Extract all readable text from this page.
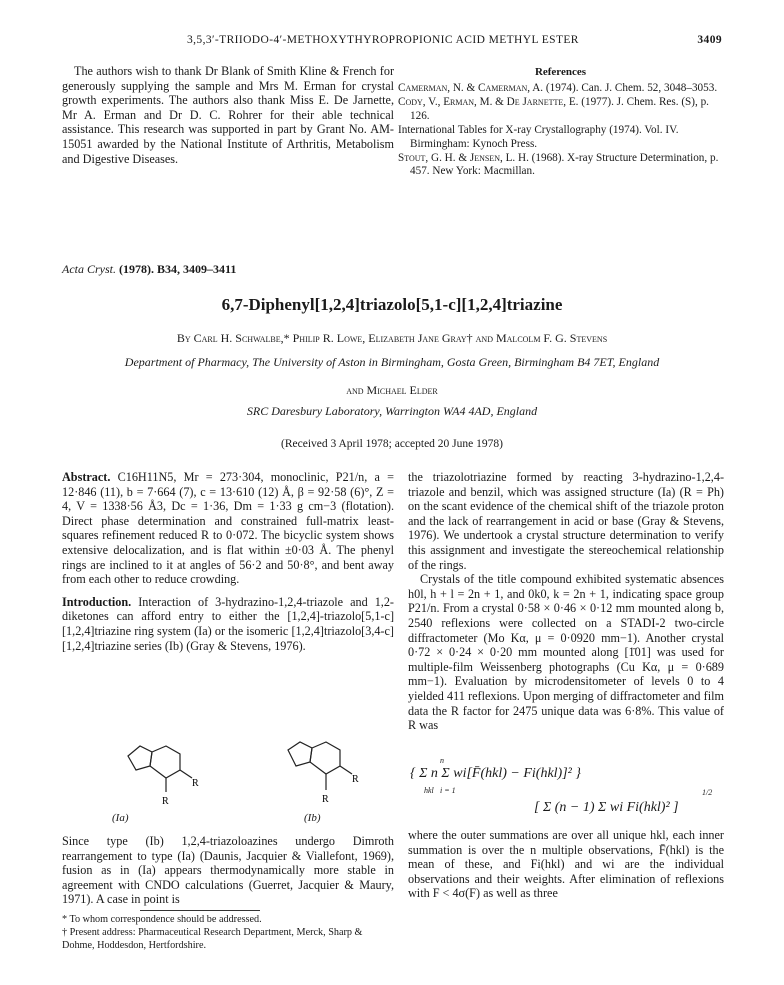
3,5,3′-TRIIODO-4′-METHOXYTHYROPROPIONIC ACID METHYL ESTER	3409

The authors wish to thank Dr Blank of Smith Kline & French for generously supplying the sample and Mrs M. Erman for crystal growth experiments. The authors also thank Miss E. De Jarnette, Mr A. Erman and Dr D. C. Rohrer for their able technical assistance. This research was supported in part by Grant No. AM-15051 awarded by the National Institute of Arthritis, Metabolism and Digestive Diseases.

References
Camerman, N. & Camerman, A. (1974). Can. J. Chem. 52, 3048–3053.
Cody, V., Erman, M. & De Jarnette, E. (1977). J. Chem. Res. (S), p. 126.
International Tables for X-ray Crystallography (1974). Vol. IV. Birmingham: Kynoch Press.
Stout, G. H. & Jensen, L. H. (1968). X-ray Structure Determination, p. 457. New York: Macmillan.
Acta Cryst. (1978). B34, 3409–3411
6,7-Diphenyl[1,2,4]triazolo[5,1-c][1,2,4]triazine
By Carl H. Schwalbe,* Philip R. Lowe, Elizabeth Jane Gray† and Malcolm F. G. Stevens
Department of Pharmacy, The University of Aston in Birmingham, Gosta Green, Birmingham B4 7ET, England
and Michael Elder
SRC Daresbury Laboratory, Warrington WA4 4AD, England
(Received 3 April 1978; accepted 20 June 1978)

Abstract. C16H11N5, Mr = 273·304, monoclinic, P21/n, a = 12·846 (11), b = 7·664 (7), c = 13·610 (12) Å, β = 92·58 (6)°, Z = 4, V = 1338·56 Å3, Dc = 1·36, Dm = 1·33 g cm−3 (flotation). Direct phase determination and constrained full-matrix least-squares refinement reduced R to 0·072. The bicyclic system shows extensive delocalization, and is flat within ±0·03 Å. The phenyl rings are inclined to it at angles of 56·2 and 50·8°, and bent away from each other to reduce crowding.

Introduction. Interaction of 3-hydrazino-1,2,4-triazole and 1,2-diketones can afford entry to either the [1,2,4]-triazolo[5,1-c][1,2,4]triazine ring system (Ia) or the isomeric [1,2,4]triazolo[3,4-c][1,2,4]triazine series (Ib) (Gray & Stevens, 1976).

R
R
R
R
(Ia)	(Ib)

Since type (Ib) 1,2,4-triazoloazines undergo Dimroth rearrangement to type (Ia) (Daunis, Jacquier & Viallefont, 1969), fusion as in (Ia) appears thermodynamically more stable in agreement with CNDO calculations (Guerret, Jacquier & Maury, 1971). A case in point is

* To whom correspondence should be addressed.
† Present address: Pharmaceutical Research Department, Merck, Sharp & Dohme, Hoddesdon, Hertfordshire.

the triazolotriazine formed by reacting 3-hydrazino-1,2,4-triazole and benzil, which was assigned structure (Ia) (R = Ph) on the scant evidence of the chemical shift of the triazole proton and the lack of rearrangement in acid or base (Gray & Stevens, 1976). We undertook a crystal structure determination to verify this assignment and investigate the stereochemical relationship of the rings.

Crystals of the title compound exhibited systematic absences h0l, h + l = 2n + 1, and 0k0, k = 2n + 1, indicating space group P21/n. From a crystal 0·58 × 0·46 × 0·12 mm mounted along b, 2540 reflexions were collected on a STADI-2 two-circle diffractometer (Mo Kα, μ = 0·0920 mm−1). Another crystal 0·72 × 0·24 × 0·20 mm mounted along [1̄01] was used for multiple-film Weissenberg photographs (Cu Kα, μ = 0·689 mm−1). Evaluation by microdensitometer of levels 0 to 4 yielded 411 reflexions. Upon merging of diffractometer and film data the R factor for 2475 unique data was 6·8%. This value of R was

{ Σ n Σ wi[F̄(hkl) − Fi(hkl)]² }
n
hkl i = 1
[ Σ (n − 1) Σ wi Fi(hkl)² ]
1/2

where the outer summations are over all unique hkl, each inner summation is over the n multiple observations, F̄(hkl) is the mean of these, and Fi(hkl) and wi are the individual observations and their weights. After elimination of reflexions with F < 4σ(F) as well as three
